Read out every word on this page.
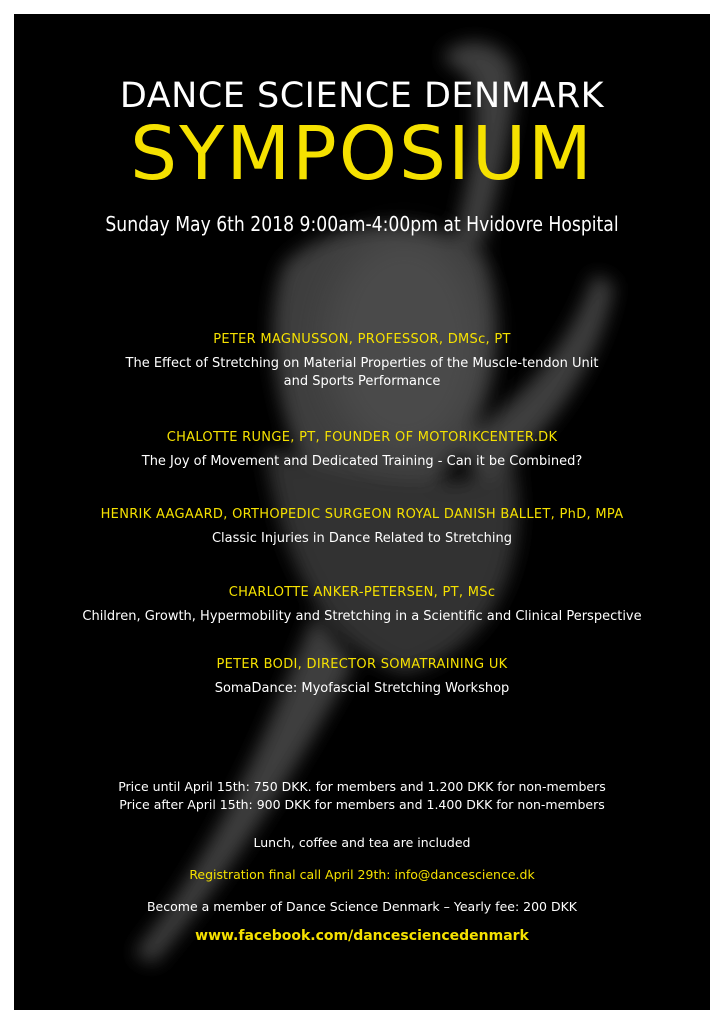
DANCE SCIENCE DENMARK
SYMPOSIUM
Sunday May 6th 2018 9:00am-4:00pm at Hvidovre Hospital
PETER MAGNUSSON, PROFESSOR, DMSc, PT
The Effect of Stretching on Material Properties of the Muscle-tendon Unit
and Sports Performance
CHALOTTE RUNGE, PT, FOUNDER OF MOTORIKCENTER.DK
The Joy of Movement and Dedicated Training - Can it be Combined?
HENRIK AAGAARD, ORTHOPEDIC SURGEON ROYAL DANISH BALLET, PhD, MPA
Classic Injuries in Dance Related to Stretching
CHARLOTTE ANKER-PETERSEN, PT, MSc
Children, Growth, Hypermobility and Stretching in a Scientific and Clinical Perspective
PETER BODI, DIRECTOR SOMATRAINING UK
SomaDance: Myofascial Stretching Workshop
Price until April 15th: 750 DKK. for members and 1.200 DKK for non-members
Price after April 15th: 900 DKK for members and 1.400 DKK for non-members
Lunch, coffee and tea are included
Registration final call April 29th: info@dancescience.dk
Become a member of Dance Science Denmark – Yearly fee: 200 DKK
www.facebook.com/dancesciencedenmark
